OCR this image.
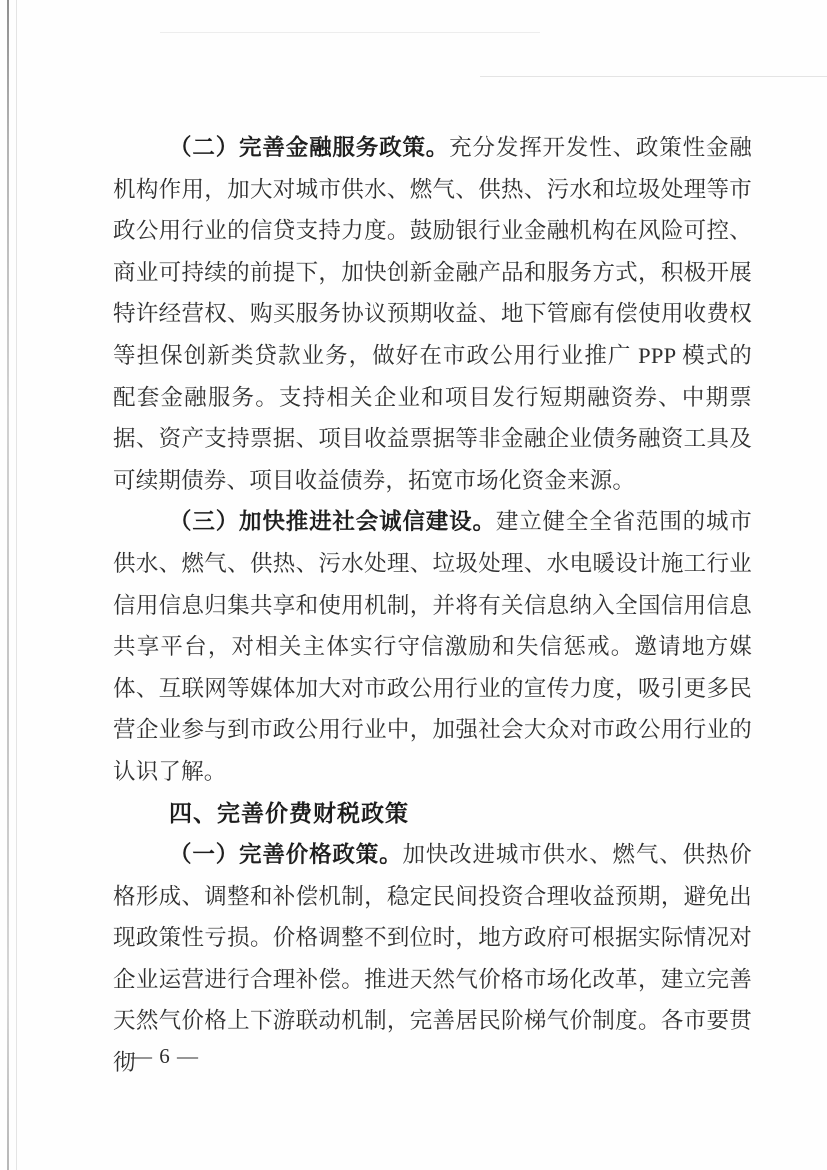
（二）完善金融服务政策。充分发挥开发性、政策性金融机构作用，加大对城市供水、燃气、供热、污水和垃圾处理等市政公用行业的信贷支持力度。鼓励银行业金融机构在风险可控、商业可持续的前提下，加快创新金融产品和服务方式，积极开展特许经营权、购买服务协议预期收益、地下管廊有偿使用收费权等担保创新类贷款业务，做好在市政公用行业推广 PPP 模式的配套金融服务。支持相关企业和项目发行短期融资券、中期票据、资产支持票据、项目收益票据等非金融企业债务融资工具及可续期债券、项目收益债券，拓宽市场化资金来源。

（三）加快推进社会诚信建设。建立健全全省范围的城市供水、燃气、供热、污水处理、垃圾处理、水电暖设计施工行业信用信息归集共享和使用机制，并将有关信息纳入全国信用信息共享平台，对相关主体实行守信激励和失信惩戒。邀请地方媒体、互联网等媒体加大对市政公用行业的宣传力度，吸引更多民营企业参与到市政公用行业中，加强社会大众对市政公用行业的认识了解。

四、完善价费财税政策

（一）完善价格政策。加快改进城市供水、燃气、供热价格形成、调整和补偿机制，稳定民间投资合理收益预期，避免出现政策性亏损。价格调整不到位时，地方政府可根据实际情况对企业运营进行合理补偿。推进天然气价格市场化改革，建立完善天然气价格上下游联动机制，完善居民阶梯气价制度。各市要贯彻

— 6 —
